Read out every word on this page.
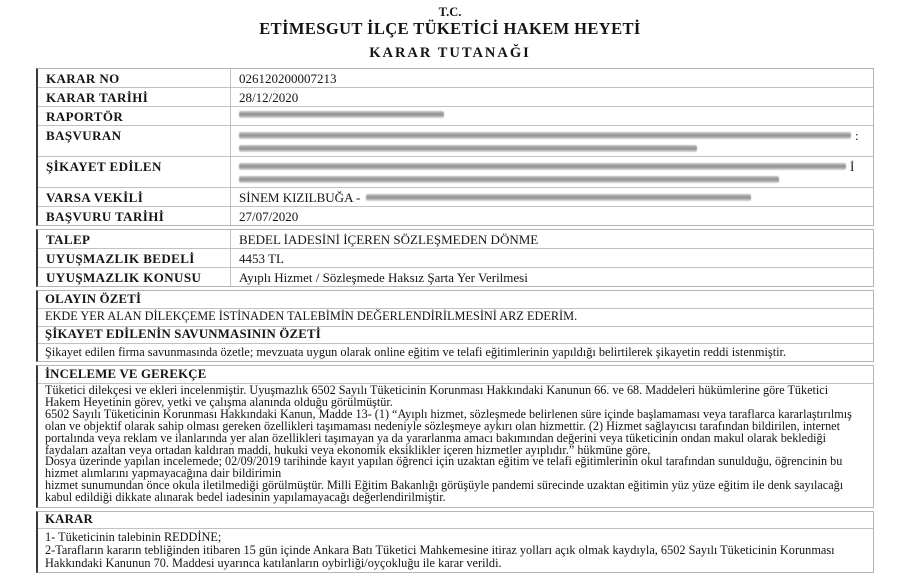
T.C.
ETİMESGUT İLÇE TÜKETİCİ HAKEM HEYETİ
KARAR TUTANAĞI
KARAR NO	026120200007213
KARAR TARİHİ	28/12/2020
RAPORTÖR
BAŞVURAN	:
ŞİKAYET EDİLEN	İ
VARSA VEKİLİ	SİNEM KIZILBUĞA -
BAŞVURU TARİHİ	27/07/2020
TALEP	BEDEL İADESİNİ İÇEREN SÖZLEŞMEDEN DÖNME
UYUŞMAZLIK BEDELİ	4453 TL
UYUŞMAZLIK KONUSU	Ayıplı Hizmet / Sözleşmede Haksız Şarta Yer Verilmesi
OLAYIN ÖZETİ
EKDE YER ALAN DİLEKÇEME İSTİNADEN TALEBİMİN DEĞERLENDİRİLMESİNİ ARZ EDERİM.
ŞİKAYET EDİLENİN SAVUNMASININ ÖZETİ
Şikayet edilen firma savunmasında özetle; mevzuata uygun olarak online eğitim ve telafi eğitimlerinin yapıldığı belirtilerek şikayetin reddi istenmiştir.
İNCELEME VE GEREKÇE

Tüketici dilekçesi ve ekleri incelenmiştir. Uyuşmazlık 6502 Sayılı Tüketicinin Korunması Hakkındaki Kanunun 66. ve 68. Maddeleri hükümlerine göre Tüketici Hakem Heyetinin görev, yetki ve çalışma alanında olduğu görülmüştür.

6502 Sayılı Tüketicinin Korunması Hakkındaki Kanun, Madde 13- (1) “Ayıplı hizmet, sözleşmede belirlenen süre içinde başlamaması veya taraflarca kararlaştırılmış olan ve objektif olarak sahip olması gereken özellikleri taşımaması nedeniyle sözleşmeye aykırı olan hizmettir. (2) Hizmet sağlayıcısı tarafından bildirilen, internet portalında veya reklam ve ilanlarında yer alan özellikleri taşımayan ya da yararlanma amacı bakımından değerini veya tüketicinin ondan makul olarak beklediği faydaları azaltan veya ortadan kaldıran maddi, hukuki veya ekonomik eksiklikler içeren hizmetler ayıplıdır.” hükmüne göre,

Dosya üzerinde yapılan incelemede; 02/09/2019 tarihinde kayıt yapılan öğrenci için uzaktan eğitim ve telafi eğitimlerinin okul tarafından sunulduğu, öğrencinin bu hizmet alımlarını yapmayacağına dair bildirimin

hizmet sunumundan önce okula iletilmediği görülmüştür. Milli Eğitim Bakanlığı görüşüyle pandemi sürecinde uzaktan eğitimin yüz yüze eğitim ile denk sayılacağı kabul edildiği dikkate alınarak bedel iadesinin yapılamayacağı değerlendirilmiştir.

KARAR

1- Tüketicinin talebinin REDDİNE;

2-Tarafların kararın tebliğinden itibaren 15 gün içinde Ankara Batı Tüketici Mahkemesine itiraz yolları açık olmak kaydıyla, 6502 Sayılı Tüketicinin Korunması Hakkındaki Kanunun 70. Maddesi uyarınca katılanların oybirliği/oyçokluğu ile karar verildi.
